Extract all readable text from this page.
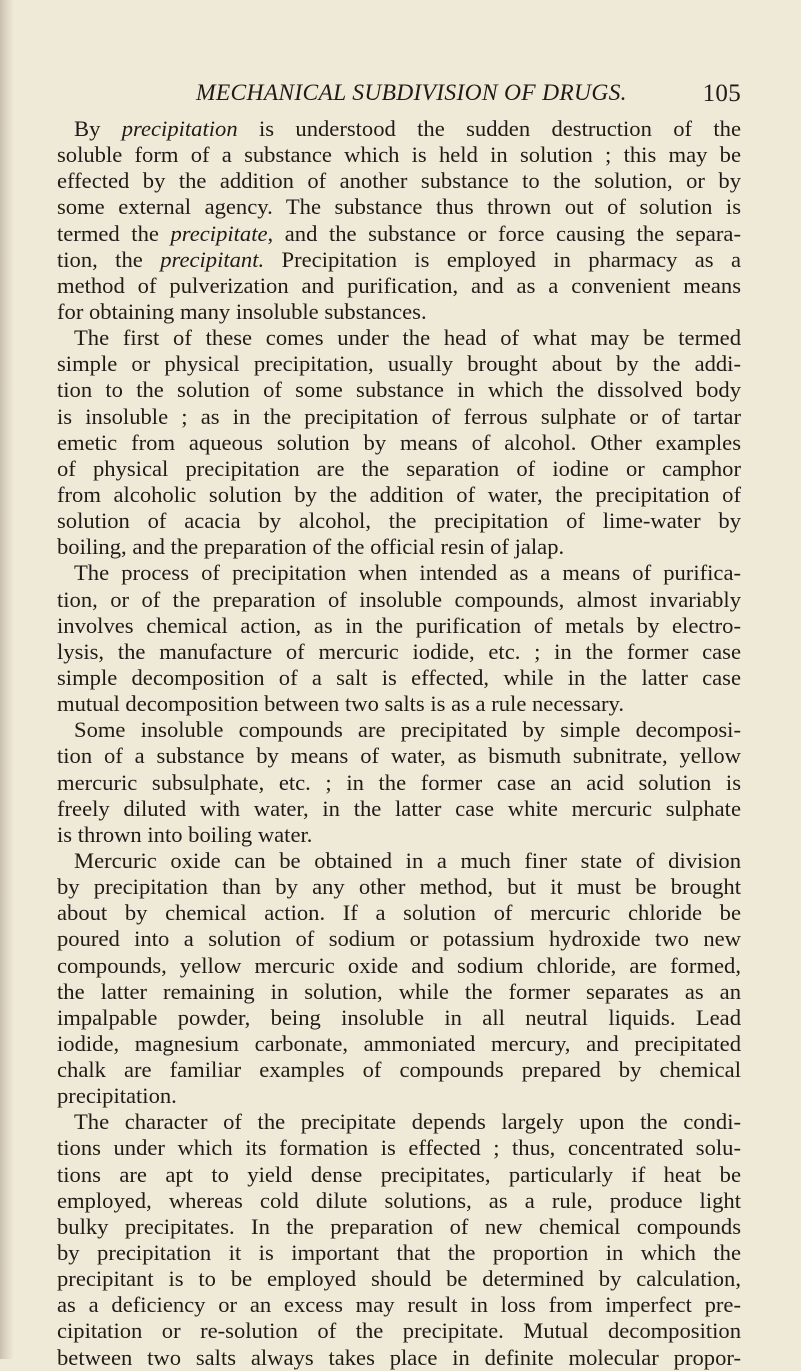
MECHANICAL SUBDIVISION OF DRUGS.	105
By precipitation is understood the sudden destruction of the
soluble form of a substance which is held in solution ; this may be
effected by the addition of another substance to the solution, or by
some external agency. The substance thus thrown out of solution is
termed the precipitate, and the substance or force causing the separa-
tion, the precipitant. Precipitation is employed in pharmacy as a
method of pulverization and purification, and as a convenient means
for obtaining many insoluble substances.
The first of these comes under the head of what may be termed
simple or physical precipitation, usually brought about by the addi-
tion to the solution of some substance in which the dissolved body
is insoluble ; as in the precipitation of ferrous sulphate or of tartar
emetic from aqueous solution by means of alcohol. Other examples
of physical precipitation are the separation of iodine or camphor
from alcoholic solution by the addition of water, the precipitation of
solution of acacia by alcohol, the precipitation of lime-water by
boiling, and the preparation of the official resin of jalap.
The process of precipitation when intended as a means of purifica-
tion, or of the preparation of insoluble compounds, almost invariably
involves chemical action, as in the purification of metals by electro-
lysis, the manufacture of mercuric iodide, etc. ; in the former case
simple decomposition of a salt is effected, while in the latter case
mutual decomposition between two salts is as a rule necessary.
Some insoluble compounds are precipitated by simple decomposi-
tion of a substance by means of water, as bismuth subnitrate, yellow
mercuric subsulphate, etc. ; in the former case an acid solution is
freely diluted with water, in the latter case white mercuric sulphate
is thrown into boiling water.
Mercuric oxide can be obtained in a much finer state of division
by precipitation than by any other method, but it must be brought
about by chemical action. If a solution of mercuric chloride be
poured into a solution of sodium or potassium hydroxide two new
compounds, yellow mercuric oxide and sodium chloride, are formed,
the latter remaining in solution, while the former separates as an
impalpable powder, being insoluble in all neutral liquids. Lead
iodide, magnesium carbonate, ammoniated mercury, and precipitated
chalk are familiar examples of compounds prepared by chemical
precipitation.
The character of the precipitate depends largely upon the condi-
tions under which its formation is effected ; thus, concentrated solu-
tions are apt to yield dense precipitates, particularly if heat be
employed, whereas cold dilute solutions, as a rule, produce light
bulky precipitates. In the preparation of new chemical compounds
by precipitation it is important that the proportion in which the
precipitant is to be employed should be determined by calculation,
as a deficiency or an excess may result in loss from imperfect pre-
cipitation or re-solution of the precipitate. Mutual decomposition
between two salts always takes place in definite molecular propor-
